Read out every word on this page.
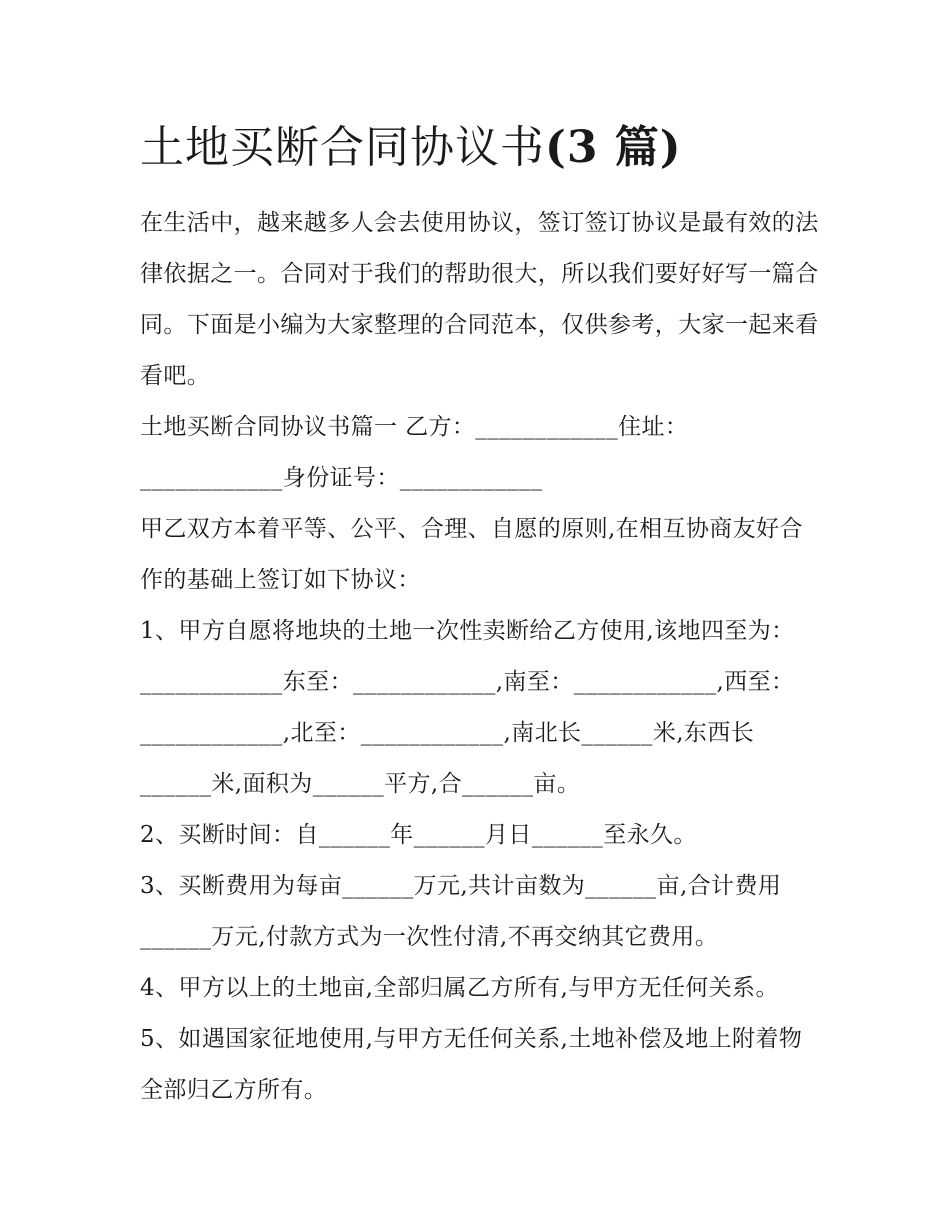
土地买断合同协议书(3 篇)

在生活中，越来越多人会去使用协议，签订签订协议是最有效的法律依据之一。合同对于我们的帮助很大，所以我们要好好写一篇合同。下面是小编为大家整理的合同范本，仅供参考，大家一起来看看吧。

土地买断合同协议书篇一 乙方：____________住址：____________身份证号：____________

甲乙双方本着平等、公平、合理、自愿的原则,在相互协商友好合作的基础上签订如下协议：

1、甲方自愿将地块的土地一次性卖断给乙方使用,该地四至为：____________东至：____________,南至：____________,西至：____________,北至：____________,南北长______米,东西长______米,面积为______平方,合______亩。

2、买断时间：自______年______月日______至永久。

3、买断费用为每亩______万元,共计亩数为______亩,合计费用______万元,付款方式为一次性付清,不再交纳其它费用。

4、甲方以上的土地亩,全部归属乙方所有,与甲方无任何关系。

5、如遇国家征地使用,与甲方无任何关系,土地补偿及地上附着物全部归乙方所有。
